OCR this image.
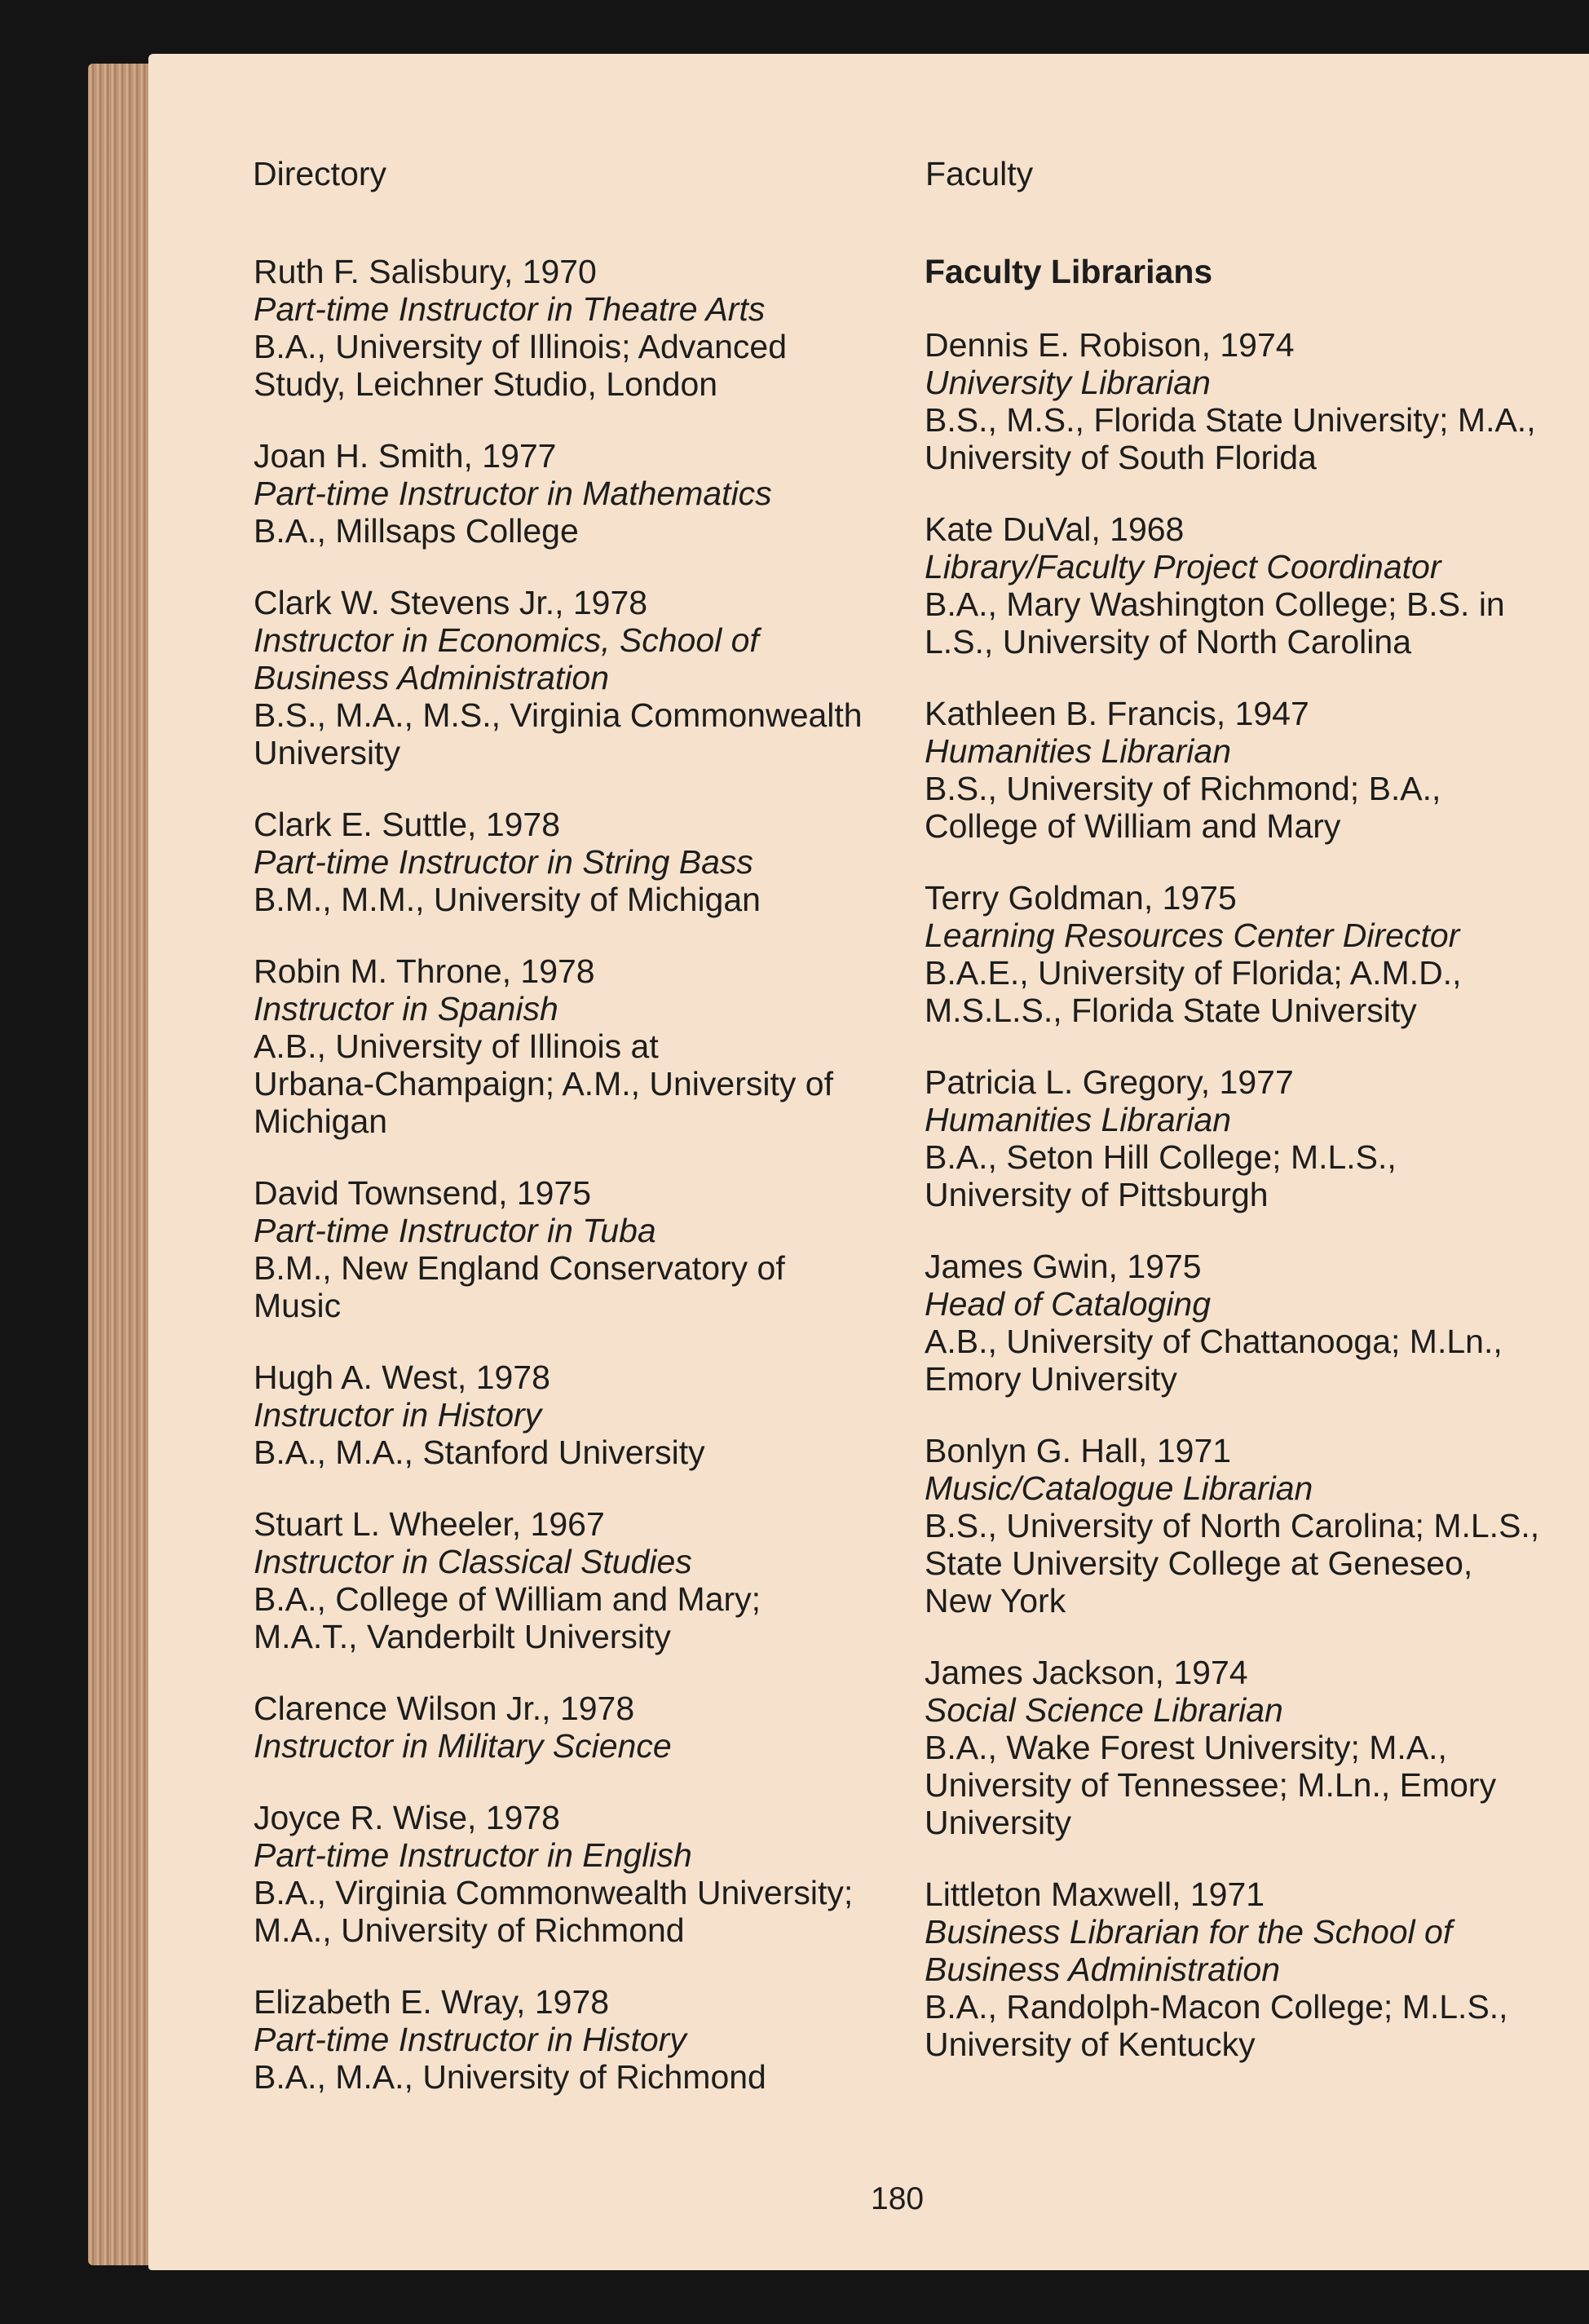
Directory	Faculty
Ruth F. Salisbury, 1970
Part-time Instructor in Theatre Arts
B.A., University of Illinois; Advanced
Study, Leichner Studio, London
Joan H. Smith, 1977
Part-time Instructor in Mathematics
B.A., Millsaps College
Clark W. Stevens Jr., 1978
Instructor in Economics, School of
Business Administration
B.S., M.A., M.S., Virginia Commonwealth
University
Clark E. Suttle, 1978
Part-time Instructor in String Bass
B.M., M.M., University of Michigan
Robin M. Throne, 1978
Instructor in Spanish
A.B., University of Illinois at
Urbana-Champaign; A.M., University of
Michigan
David Townsend, 1975
Part-time Instructor in Tuba
B.M., New England Conservatory of
Music
Hugh A. West, 1978
Instructor in History
B.A., M.A., Stanford University
Stuart L. Wheeler, 1967
Instructor in Classical Studies
B.A., College of William and Mary;
M.A.T., Vanderbilt University
Clarence Wilson Jr., 1978
Instructor in Military Science
Joyce R. Wise, 1978
Part-time Instructor in English
B.A., Virginia Commonwealth University;
M.A., University of Richmond
Elizabeth E. Wray, 1978
Part-time Instructor in History
B.A., M.A., University of Richmond
Faculty Librarians
Dennis E. Robison, 1974
University Librarian
B.S., M.S., Florida State University; M.A.,
University of South Florida
Kate DuVal, 1968
Library/Faculty Project Coordinator
B.A., Mary Washington College; B.S. in
L.S., University of North Carolina
Kathleen B. Francis, 1947
Humanities Librarian
B.S., University of Richmond; B.A.,
College of William and Mary
Terry Goldman, 1975
Learning Resources Center Director
B.A.E., University of Florida; A.M.D.,
M.S.L.S., Florida State University
Patricia L. Gregory, 1977
Humanities Librarian
B.A., Seton Hill College; M.L.S.,
University of Pittsburgh
James Gwin, 1975
Head of Cataloging
A.B., University of Chattanooga; M.Ln.,
Emory University
Bonlyn G. Hall, 1971
Music/Catalogue Librarian
B.S., University of North Carolina; M.L.S.,
State University College at Geneseo,
New York
James Jackson, 1974
Social Science Librarian
B.A., Wake Forest University; M.A.,
University of Tennessee; M.Ln., Emory
University
Littleton Maxwell, 1971
Business Librarian for the School of
Business Administration
B.A., Randolph-Macon College; M.L.S.,
University of Kentucky
180
